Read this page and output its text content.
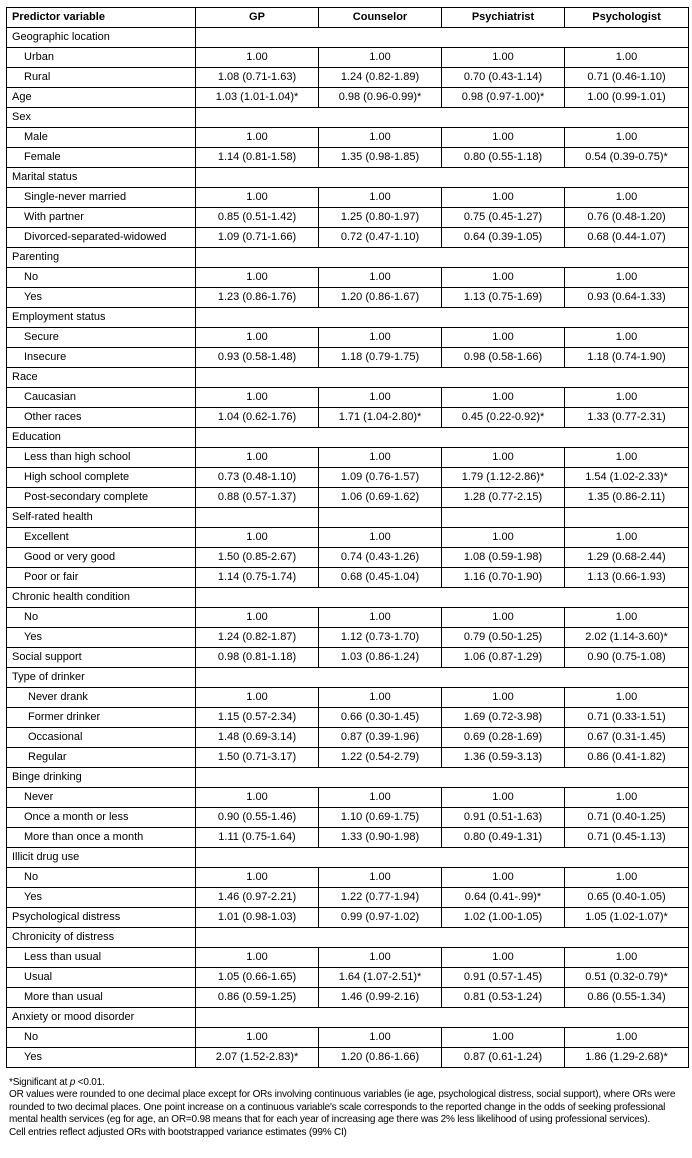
Predictor variable	GP	Counselor	Psychiatrist	Psychologist
Geographic location				
Urban	1.00	1.00	1.00	1.00
Rural	1.08 (0.71-1.63)	1.24 (0.82-1.89)	0.70 (0.43-1.14)	0.71 (0.46-1.10)
Age	1.03 (1.01-1.04)*	0.98 (0.96-0.99)*	0.98 (0.97-1.00)*	1.00 (0.99-1.01)
Sex				
Male	1.00	1.00	1.00	1.00
Female	1.14 (0.81-1.58)	1.35 (0.98-1.85)	0.80 (0.55-1.18)	0.54 (0.39-0.75)*
Marital status				
Single-never married	1.00	1.00	1.00	1.00
With partner	0.85 (0.51-1.42)	1.25 (0.80-1.97)	0.75 (0.45-1.27)	0.76 (0.48-1.20)
Divorced-separated-widowed	1.09 (0.71-1.66)	0.72 (0.47-1.10)	0.64 (0.39-1.05)	0.68 (0.44-1.07)
Parenting				
No	1.00	1.00	1.00	1.00
Yes	1.23 (0.86-1.76)	1.20 (0.86-1.67)	1.13 (0.75-1.69)	0.93 (0.64-1.33)
Employment status				
Secure	1.00	1.00	1.00	1.00
Insecure	0.93 (0.58-1.48)	1.18 (0.79-1.75)	0.98 (0.58-1.66)	1.18 (0.74-1.90)
Race				
Caucasian	1.00	1.00	1.00	1.00
Other races	1.04 (0.62-1.76)	1.71 (1.04-2.80)*	0.45 (0.22-0.92)*	1.33 (0.77-2.31)
Education				
Less than high school	1.00	1.00	1.00	1.00
High school complete	0.73 (0.48-1.10)	1.09 (0.76-1.57)	1.79 (1.12-2.86)*	1.54 (1.02-2.33)*
Post-secondary complete	0.88 (0.57-1.37)	1.06 (0.69-1.62)	1.28 (0.77-2.15)	1.35 (0.86-2.11)
Self-rated health				
Excellent	1.00	1.00	1.00	1.00
Good or very good	1.50 (0.85-2.67)	0.74 (0.43-1.26)	1.08 (0.59-1.98)	1.29 (0.68-2.44)
Poor or fair	1.14 (0.75-1.74)	0.68 (0.45-1.04)	1.16 (0.70-1.90)	1.13 (0.66-1.93)
Chronic health condition				
No	1.00	1.00	1.00	1.00
Yes	1.24 (0.82-1.87)	1.12 (0.73-1.70)	0.79 (0.50-1.25)	2.02 (1.14-3.60)*
Social support	0.98 (0.81-1.18)	1.03 (0.86-1.24)	1.06 (0.87-1.29)	0.90 (0.75-1.08)
Type of drinker				
Never drank	1.00	1.00	1.00	1.00
Former drinker	1.15 (0.57-2.34)	0.66 (0.30-1.45)	1.69 (0.72-3.98)	0.71 (0.33-1.51)
Occasional	1.48 (0.69-3.14)	0.87 (0.39-1.96)	0.69 (0.28-1.69)	0.67 (0.31-1.45)
Regular	1.50 (0.71-3.17)	1.22 (0.54-2.79)	1.36 (0.59-3.13)	0.86 (0.41-1.82)
Binge drinking				
Never	1.00	1.00	1.00	1.00
Once a month or less	0.90 (0.55-1.46)	1.10 (0.69-1.75)	0.91 (0.51-1.63)	0.71 (0.40-1.25)
More than once a month	1.11 (0.75-1.64)	1.33 (0.90-1.98)	0.80 (0.49-1.31)	0.71 (0.45-1.13)
Illicit drug use				
No	1.00	1.00	1.00	1.00
Yes	1.46 (0.97-2.21)	1.22 (0.77-1.94)	0.64 (0.41-.99)*	0.65 (0.40-1.05)
Psychological distress	1.01 (0.98-1.03)	0.99 (0.97-1.02)	1.02 (1.00-1.05)	1.05 (1.02-1.07)*
Chronicity of distress				
Less than usual	1.00	1.00	1.00	1.00
Usual	1.05 (0.66-1.65)	1.64 (1.07-2.51)*	0.91 (0.57-1.45)	0.51 (0.32-0.79)*
More than usual	0.86 (0.59-1.25)	1.46 (0.99-2.16)	0.81 (0.53-1.24)	0.86 (0.55-1.34)
Anxiety or mood disorder				
No	1.00	1.00	1.00	1.00
Yes	2.07 (1.52-2.83)*	1.20 (0.86-1.66)	0.87 (0.61-1.24)	1.86 (1.29-2.68)*
*Significant at p <0.01.
OR values were rounded to one decimal place except for ORs involving continuous variables (ie age, psychological distress, social support), where ORs were rounded to two decimal places. One point increase on a continuous variable's scale corresponds to the reported change in the odds of seeking professional mental health services (eg for age, an OR=0.98 means that for each year of increasing age there was 2% less likelihood of using professional services).
Cell entries reflect adjusted ORs with bootstrapped variance estimates (99% CI)
